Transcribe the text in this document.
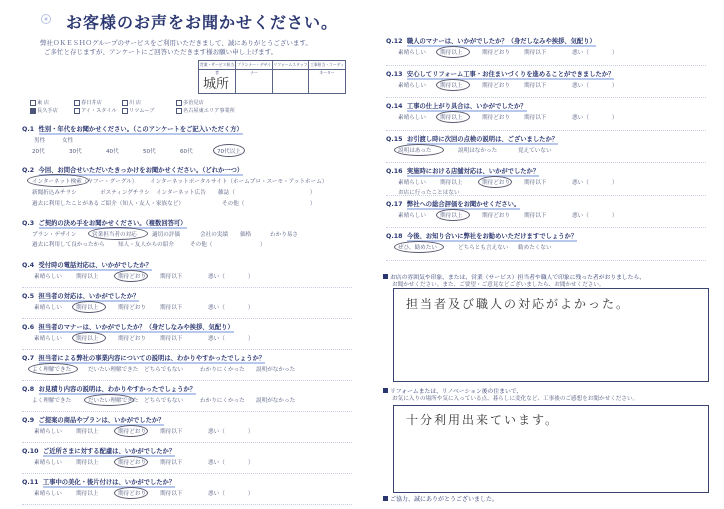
お客様のお声をお聞かせください。
弊社ＯＫＥＳＨＯグループのサービスをご利用いただきまして、誠にありがとうございます。
ご多忙と存じますが、アンケートにご回答いただきます様お願い申し上げます。
営業・サービス担当者
プランナー・デザイナー
リフォームスタッフ 工事担当・コーディネーター
城所
東 店	春日井店	川 店	多治見店
長久手店	アイ・スタイル	リツムーブ	名古屋東エリア事業所
Q.1 性別・年代をお聞かせください。（このアンケートをご記入いただく方）
男性	女性
20代	30代	40代	50代	60代	70代以上
Q.2 今回、お問合せいただいたきっかけをお聞かせください。（どれか一つ）
インターネット検索（ヤフー・グーグル） インターネットポータルサイト（ホームプロ・スーモ・アットホーム）
新聞折込みチラシ	ポスティングチラシ インターネット広告 雑誌（	）
過去に利用したことがある ご紹介（知人・友人・家族など）	その他（	）
Q.3 ご契約の決め手をお聞かせください。（複数回答可）
プラン・デザイン	営業担当者の対応	適切の評価	会社の実績 価格	わかり易さ
過去に利用して良かったから 知人・友人からの紹介	その他（	）
Q.4 受付時の電話対応は、いかがでしたか？
素晴らしい	期待以上	期待どおり	期待以下	悪い（	）
Q.5 担当者の対応は、いかがでしたか？
素晴らしい	期待以上	期待どおり	期待以下	悪い（	）
Q.6 担当者のマナーは、いかがでしたか？（身だしなみや挨拶、気配り）
素晴らしい	期待以上	期待どおり	期待以下	悪い（	）
Q.7 担当者による弊社の事業内容についての説明は、わかりやすかったでしょうか？
よく理解できた	だいたい理解できた どちらでもない	わかりにくかった 説明がなかった
Q.8 お見積り内容の説明は、わかりやすかったでしょうか？
よく理解できた	だいたい理解できた どちらでもない	わかりにくかった 説明がなかった
Q.9 ご提案の商品やプランは、いかがでしたか？
素晴らしい	期待以上	期待どおり	期待以下	悪い（	）
Q.10 ご近所さまに対する配慮は、いかがでしたか？
素晴らしい	期待以上	期待どおり	期待以下	悪い（	）
Q.11 工事中の美化・後片付けは、いかがでしたか？
素晴らしい	期待以上	期待どおり	期待以下	悪い（	）
Q.12 職人のマナーは、いかがでしたか？（身だしなみや挨拶、気配り）
素晴らしい	期待以上	期待どおり	期待以下	悪い（	）
Q.13 安心してリフォーム工事・お住まいづくりを進めることができましたか？
素晴らしい	期待以上	期待どおり	期待以下	悪い（	）
Q.14 工事の仕上がり具合は、いかがでしたか？
素晴らしい	期待以上	期待どおり	期待以下	悪い（	）
Q.15 お引渡し時に次回の点検の説明は、ございましたか？
説明はあった	説明はなかった	覚えていない
Q.16 実施時における店舗対応は、いかがでしたか？
素晴らしい	期待以上	期待どおり	期待以下	悪い（	）
お店に行ったことはない
Q.17 弊社への総合評価をお聞かせください。
素晴らしい	期待以上	期待どおり	期待以下	悪い（	）
Q.18 今後、お知り合いに弊社をお勧めいただけますでしょうか？
ぜひ、勧めたい	どちらとも言えない 勧めたくない
お店の雰囲気や印象、または、営業（サービス）担当者や職人で印象に残った者がおりましたら、
お聞かせください。また、ご要望・ご意見などございましたら、お聞かせください。
担当者及び職人の対応がよかった。
リフォームまたは、リノベーション後の住まいで、
お気に入りの場所や気に入っている点、暮らしに変化など、工事後のご感想をお聞かせください。
十分利用出来ています。
ご協力、誠にありがとうございました。
